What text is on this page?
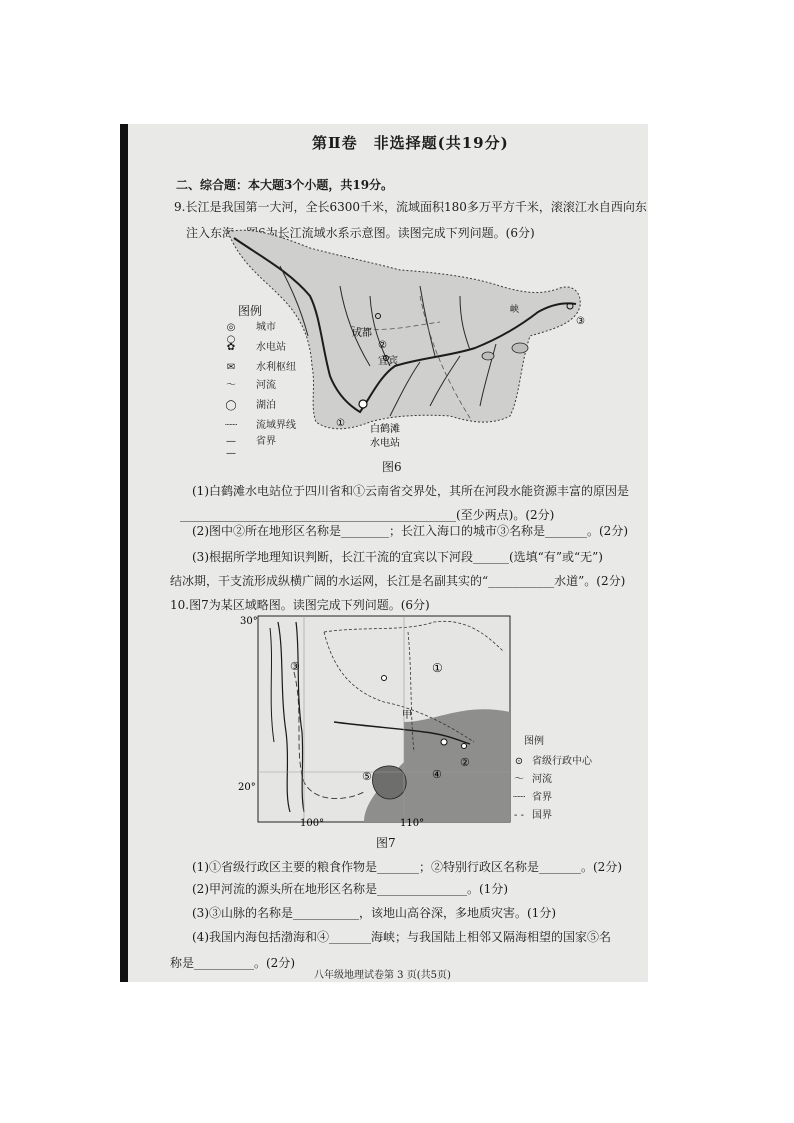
第Ⅱ卷　非选择题(共19分)
二、综合题：本大题3个小题，共19分。
9.长江是我国第一大河，全长6300千米，流域面积180多万平方千米，滚滚江水自西向东
注入东海。图6为长江流域水系示意图。读图完成下列问题。(6分)
成都
②
宜宾
①
③
峡
白鹤滩
水电站
图例
◎ ○
城市
✿ 水电站
✉ 水利枢纽
〜 河流
◯ 湖泊
┈┈ 流域界线
— —
省界
图6
(1)白鹤滩水电站位于四川省和①云南省交界处，其所在河段水能资源丰富的原因是
______________________________________________(至少两点)。(2分)
(2)图中②所在地形区名称是________；长江入海口的城市③名称是_______。(2分)
(3)根据所学地理知识判断，长江干流的宜宾以下河段______(选填“有”或“无”)
结冰期，干支流形成纵横广阔的水运网，长江是名副其实的“___________水道”。(2分)
10.图7为某区域略图。读图完成下列问题。(6分)
30°
20°
100°	110°
①
②
③
④
⑤
甲
图例
⊙ 省级行政中心
〜 河流
┈┈ 省界
- - 国界
图7
(1)①省级行政区主要的粮食作物是_______；②特别行政区名称是_______。(2分)
(2)甲河流的源头所在地形区名称是_______________。(1分)
(3)③山脉的名称是___________，该地山高谷深，多地质灾害。(1分)
(4)我国内海包括渤海和④_______海峡；与我国陆上相邻又隔海相望的国家⑤名
称是__________。(2分)
八年级地理试卷第 3 页(共5页)
